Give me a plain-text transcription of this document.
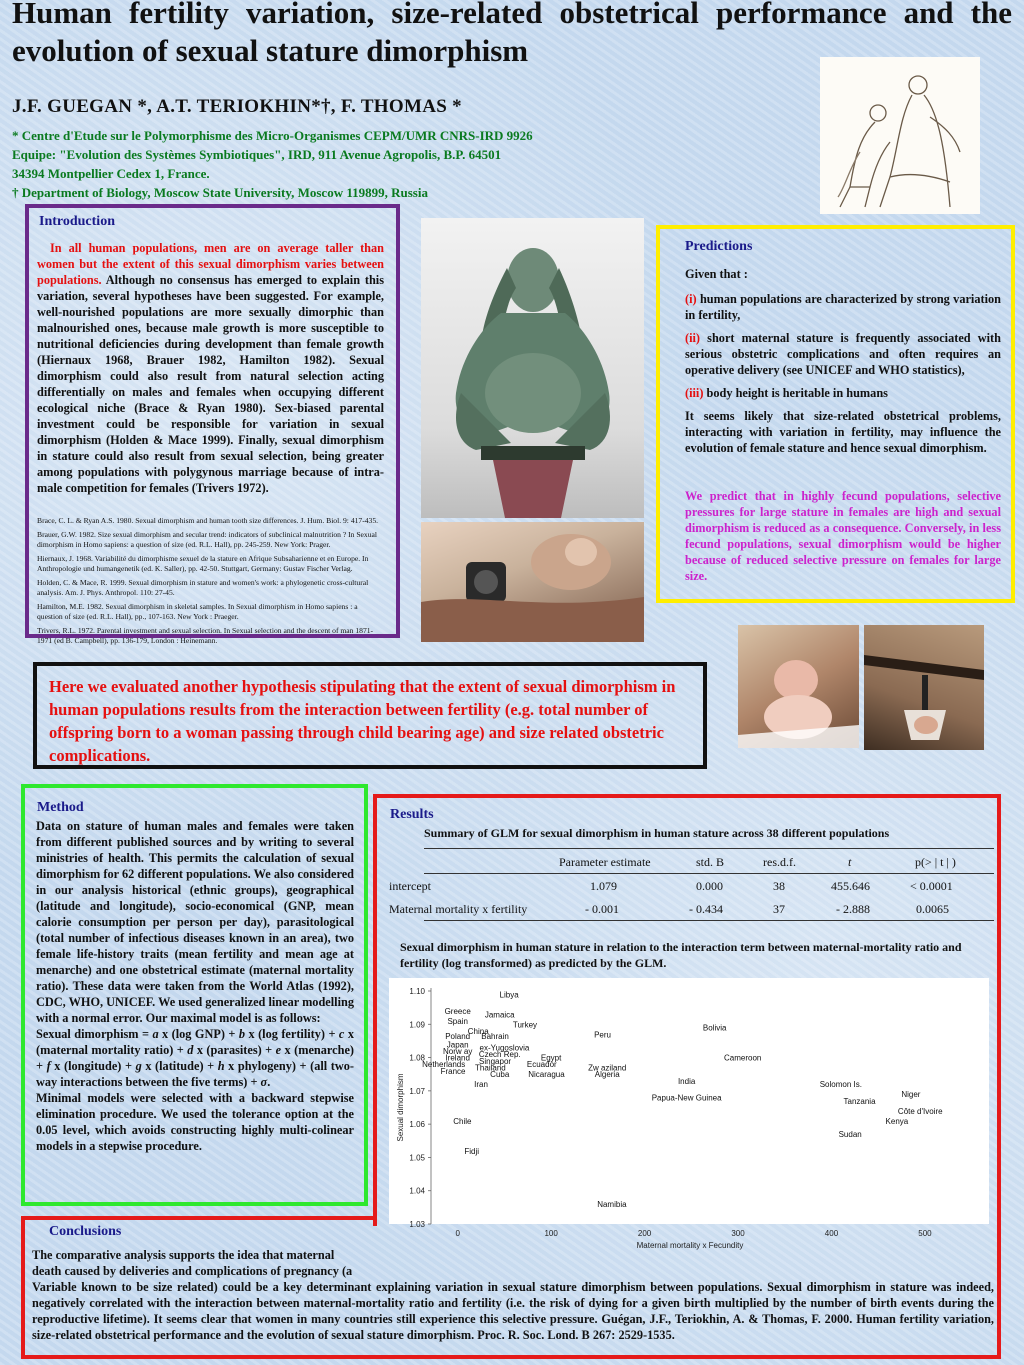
Human fertility variation, size-related obstetrical performance and the evolution of sexual stature dimorphism
J.F. GUEGAN *, A.T. TERIOKHIN*†, F. THOMAS *
* Centre d'Etude sur le Polymorphisme des Micro-Organismes CEPM/UMR CNRS-IRD 9926
Equipe: "Evolution des Systèmes Symbiotiques", IRD, 911 Avenue Agropolis, B.P. 64501
34394 Montpellier Cedex 1, France.
† Department of Biology, Moscow State University, Moscow 119899, Russia
Introduction
In all human populations, men are on average taller than women but the extent of this sexual dimorphism varies between populations. Although no consensus has emerged to explain this variation, several hypotheses have been suggested. For example, well-nourished populations are more sexually dimorphic than malnourished ones, because male growth is more susceptible to nutritional deficiencies during development than female growth (Hiernaux 1968, Brauer 1982, Hamilton 1982). Sexual dimorphism could also result from natural selection acting differentially on males and females when occupying different ecological niche (Brace & Ryan 1980). Sex-biased parental investment could be responsible for variation in sexual dimorphism (Holden & Mace 1999). Finally, sexual dimorphism in stature could also result from sexual selection, being greater among populations with polygynous marriage because of intra-male competition for females (Trivers 1972).

Brace, C. L. & Ryan A.S. 1980. Sexual dimorphism and human tooth size differences. J. Hum. Biol. 9: 417-435.

Brauer, G.W. 1982. Size sexual dimorphism and secular trend: indicators of subclinical malnutrition ? In Sexual dimorphism in Homo sapiens: a question of size (ed. R.L. Hall), pp. 245-259. New York: Prager.

Hiernaux, J. 1968. Variabilité du dimorphisme sexuel de la stature en Afrique Subsaharienne et en Europe. In Anthropologie und humangenetik (ed. K. Saller), pp. 42-50. Stuttgart, Germany: Gustav Fischer Verlag.

Holden, C. & Mace, R. 1999. Sexual dimorphism in stature and women's work: a phylogenetic cross-cultural analysis. Am. J. Phys. Anthropol. 110: 27-45.

Hamilton, M.E. 1982. Sexual dimorphism in skeletal samples. In Sexual dimorphism in Homo sapiens : a question of size (ed. R.L. Hall), pp., 107-163. New York : Praeger.

Trivers, R.L. 1972. Parental investment and sexual selection. In Sexual selection and the descent of man 1871-1971 (ed B. Campbell), pp. 136-179, London : Heinemann.

Predictions
Given that :
(i) human populations are characterized by strong variation in fertility,
(ii) short maternal stature is frequently associated with serious obstetric complications and often requires an operative delivery (see UNICEF and WHO statistics),
(iii) body height is heritable in humans
It seems likely that size-related obstetrical problems, interacting with variation in fertility, may influence the evolution of female stature and hence sexual dimorphism.
We predict that in highly fecund populations, selective pressures for large stature in females are high and sexual dimorphism is reduced as a consequence. Conversely, in less fecund populations, sexual dimorphism would be higher because of reduced selective pressure on females for large size.
Here we evaluated another hypothesis stipulating that the extent of sexual dimorphism in human populations results from the interaction between fertility (e.g. total number of offspring born to a woman passing through child bearing age) and size related obstetric complications.
Method
Data on stature of human males and females were taken from different published sources and by writing to several ministries of health. This permits the calculation of sexual dimorphism for 62 different populations. We also considered in our analysis historical (ethnic groups), geographical (latitude and longitude), socio-economical (GNP, mean calorie consumption per person per day), parasitological (total number of infectious diseases known in an area), two female life-history traits (mean fertility and mean age at menarche) and one obstetrical estimate (maternal mortality ratio). These data were taken from the World Atlas (1992), CDC, WHO, UNICEF. We used generalized linear modelling with a normal error. Our maximal model is as follows:
Sexual dimorphism = a x (log GNP) + b x (log fertility) + c x (maternal mortality ratio) + d x (parasites) + e x (menarche) + f x (longitude) + g x (latitude) + h x phylogeny) + (all two-way interactions between the five terms) + σ.
Minimal models were selected with a backward stepwise elimination procedure. We used the tolerance option at the 0.05 level, which avoids constructing highly multi-colinear models in a stepwise procedure.
Results
Summary of GLM for sexual dimorphism in human stature across 38 different populations
Parameter estimate	std. B	res.d.f.	t	p(> | t | )
intercept	1.079	0.000	38	455.646	< 0.0001
Maternal mortality x fertility	- 0.001	- 0.434	37	- 2.888	0.0065
Sexual dimorphism in human stature in relation to the interaction term between maternal-mortality ratio and fertility (log transformed) as predicted by the GLM.
1.03
1.04
1.05
1.06
1.07
1.08
1.09
1.10
0	100	200	300	400	500
Maternal mortality x Fecundity
Sexual dimorphism
Libya
Greece Jamaica
Spain	Turkey	Bolivia
China	Peru
Poland Bahrain
Japan ex-Yugoslovia
Norw ay Czech Rep.
Ireland	Egypt	Cameroon
Singapor
Netherlands	Ecuador
Thailand	Zw aziland
France	Cuba Nicaragua	Algeria
India	Solomon Is.
Iran
Niger
Papua-New Guinea	Tanzania
Côte d'Ivoire
Chile	Kenya
Sudan
Fidji
Namibia
Conclusions
The comparative analysis supports the idea that maternal
death caused by deliveries and complications of pregnancy (a
Variable known to be size related) could be a key determinant explaining variation in sexual stature dimorphism between populations. Sexual dimorphism in stature was indeed, negatively correlated with the interaction between maternal-mortality ratio and fertility (i.e. the risk of dying for a given birth multiplied by the number of birth events during the reproductive lifetime). It seems clear that women in many countries still experience this selective pressure. Guégan, J.F., Teriokhin, A. & Thomas, F. 2000. Human fertility variation, size-related obstetrical performance and the evolution of sexual stature dimorphism. Proc. R. Soc. Lond. B 267: 2529-1535.
